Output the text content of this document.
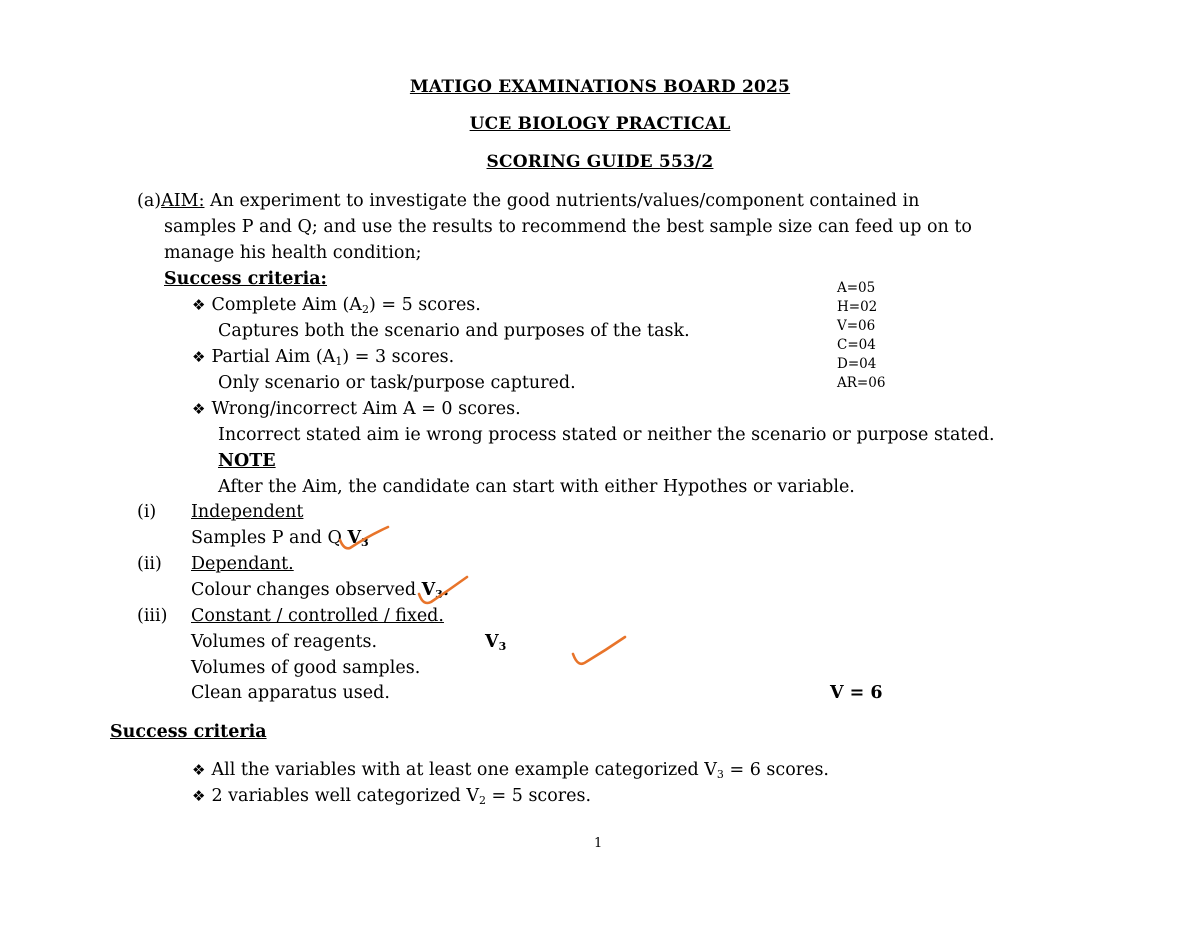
MATIGO EXAMINATIONS BOARD 2025
UCE BIOLOGY PRACTICAL
SCORING GUIDE 553/2
(a)AIM: An experiment to investigate the good nutrients/values/component contained in
samples P and Q; and use the results to recommend the best sample size can feed up on to
manage his health condition;
Success criteria:
❖ Complete Aim $(A_2) = 5$ scores.
Captures both the scenario and purposes of the task.
❖ Partial Aim $(A_1) = 3$ scores.
Only scenario or task/purpose captured.
❖ Wrong/incorrect Aim A = 0 scores.
Incorrect stated aim ie wrong process stated or neither the scenario or purpose stated.
NOTE
After the Aim, the candidate can start with either Hypothes or variable.
A=05
H=02
V=06
C=04
D=04
AR=06
(i) Independent
Samples P and Q $V_3$
(ii) Dependant.
Colour changes observed $V_3$.
(iii) Constant / controlled / fixed.
Volumes of reagents.	$V_3$
Volumes of good samples.
Clean apparatus used.	V = 6
Success criteria
❖ All the variables with at least one example categorized $V_3 = 6$ scores.
❖ 2 variables well categorized $V_2 = 5$ scores.
1
